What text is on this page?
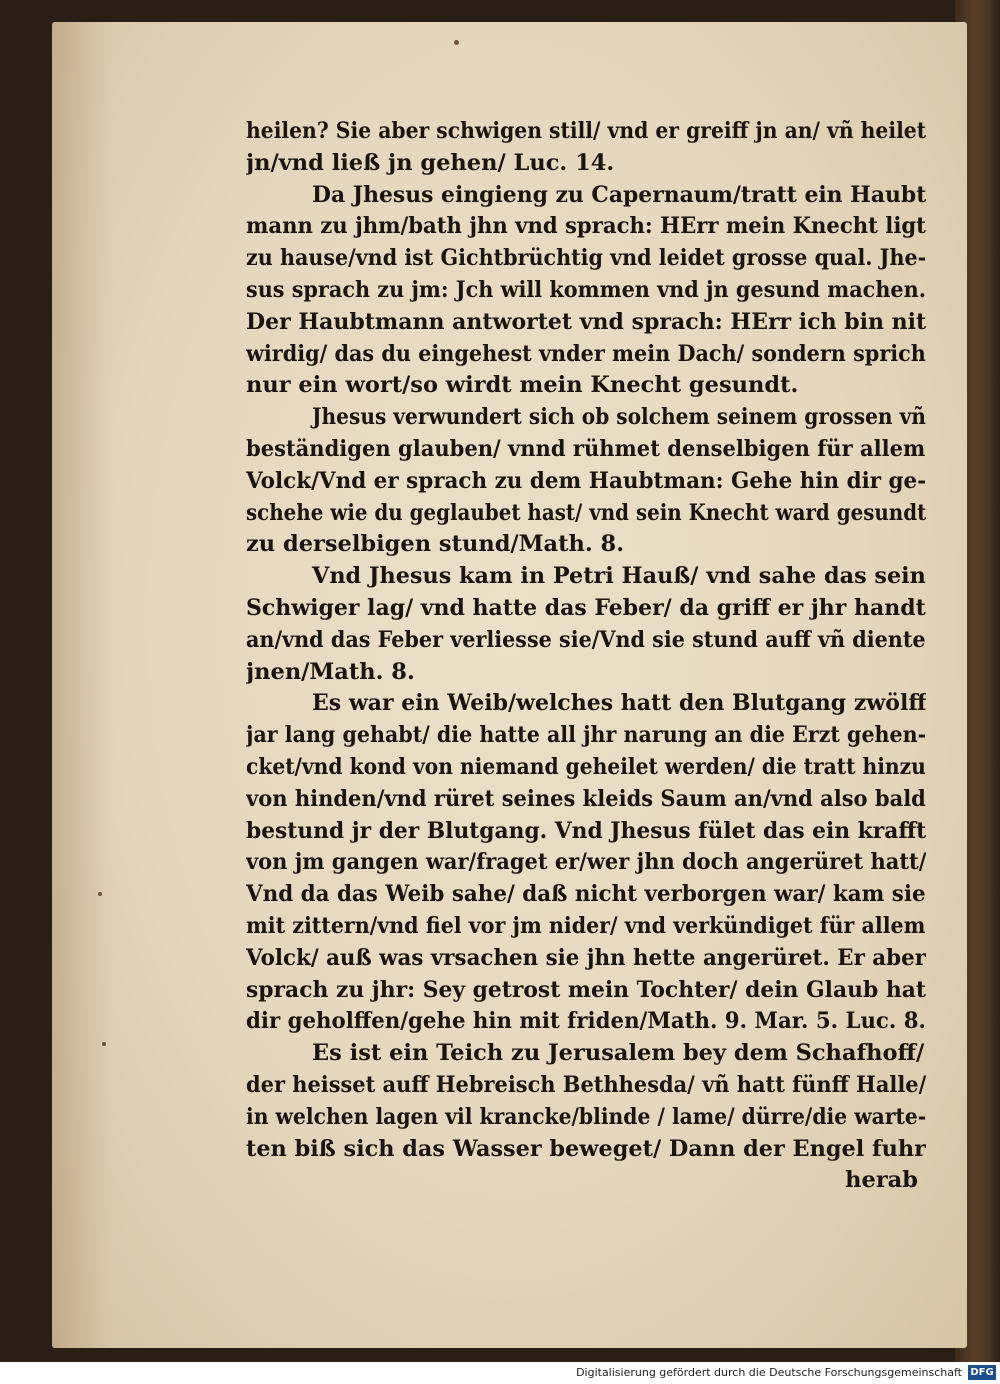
heilen? Sie aber schwigen still/ vnd er greiff jn an/ vñ heilet
jn/vnd ließ jn gehen/ Luc. 14.
Da Jhesus eingieng zu Capernaum/tratt ein Haubt
mann zu jhm/bath jhn vnd sprach: HErr mein Knecht ligt
zu hause/vnd ist Gichtbrüchtig vnd leidet grosse qual. Jhe-
sus sprach zu jm: Jch will kommen vnd jn gesund machen.
Der Haubtmann antwortet vnd sprach: HErr ich bin nit
wirdig/ das du eingehest vnder mein Dach/ sondern sprich
nur ein wort/so wirdt mein Knecht gesundt.
Jhesus verwundert sich ob solchem seinem grossen vñ
beständigen glauben/ vnnd rühmet denselbigen für allem
Volck/Vnd er sprach zu dem Haubtman: Gehe hin dir ge-
schehe wie du geglaubet hast/ vnd sein Knecht ward gesundt
zu derselbigen stund/Math. 8.
Vnd Jhesus kam in Petri Hauß/ vnd sahe das sein
Schwiger lag/ vnd hatte das Feber/ da griff er jhr handt
an/vnd das Feber verliesse sie/Vnd sie stund auff vñ diente
jnen/Math. 8.
Es war ein Weib/welches hatt den Blutgang zwölff
jar lang gehabt/ die hatte all jhr narung an die Erzt gehen-
cket/vnd kond von niemand geheilet werden/ die tratt hinzu
von hinden/vnd rüret seines kleids Saum an/vnd also bald
bestund jr der Blutgang. Vnd Jhesus fület das ein krafft
von jm gangen war/fraget er/wer jhn doch angerüret hatt/
Vnd da das Weib sahe/ daß nicht verborgen war/ kam sie
mit zittern/vnd fiel vor jm nider/ vnd verkündiget für allem
Volck/ auß was vrsachen sie jhn hette angerüret. Er aber
sprach zu jhr: Sey getrost mein Tochter/ dein Glaub hat
dir geholffen/gehe hin mit friden/Math. 9. Mar. 5. Luc. 8.
Es ist ein Teich zu Jerusalem bey dem Schafhoff/
der heisset auff Hebreisch Bethhesda/ vñ hatt fünff Halle/
in welchen lagen vil krancke/blinde / lame/ dürre/die warte-
ten biß sich das Wasser beweget/ Dann der Engel fuhr
herab
Digitalisierung gefördert durch die Deutsche Forschungsgemeinschaft DFG
